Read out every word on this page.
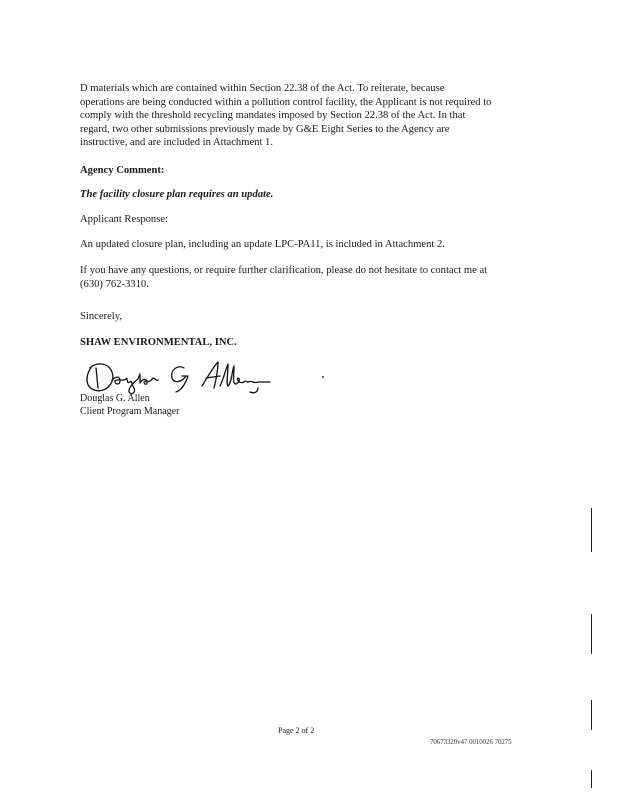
D materials which are contained within Section 22.38 of the Act. To reiterate, because
operations are being conducted within a pollution control facility, the Applicant is not required to
comply with the threshold recycling mandates imposed by Section 22.38 of the Act. In that
regard, two other submissions previously made by G&E Eight Series to the Agency are
instructive, and are included in Attachment 1.

Agency Comment:

The facility closure plan requires an update.

Applicant Response:

An updated closure plan, including an update LPC-PA11, is included in Attachment 2.

If you have any questions, or require further clarification, please do not hesitate to contact me at
(630) 762-3310.

Sincerely,

SHAW ENVIRONMENTAL, INC.

Douglas G. Allen
Client Program Manager

Page 2 of 2
70673320v47 0010026 70275
